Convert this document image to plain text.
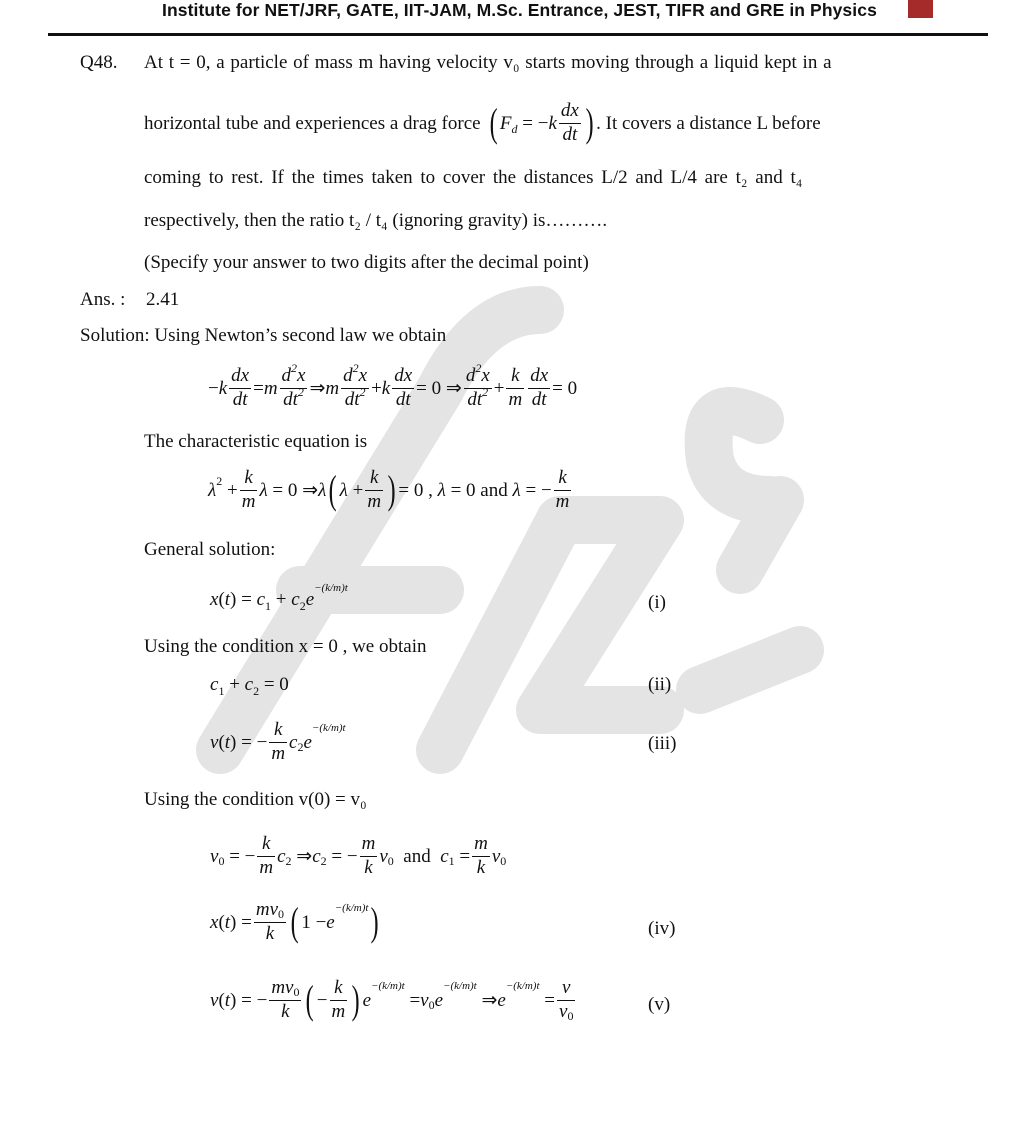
Institute for NET/JRF, GATE, IIT-JAM, M.Sc. Entrance, JEST, TIFR and GRE in Physics
Q48. At t = 0, a particle of mass m having velocity v₀ starts moving through a liquid kept in a
horizontal tube and experiences a drag force ( F d = − k $\frac{dx}{dt}$ ) . It covers a distance L before
coming to rest. If the times taken to cover the distances L/2 and L/4 are t₂ and t₄
respectively, then the ratio t₂ / t₄ (ignoring gravity) is……….
(Specify your answer to two digits after the decimal point)
Ans. : 2.41
Solution: Using Newton’s second law we obtain
− k $\frac{dx}{dt} = m \frac{d^2x}{dt^2}$ ⇒ m $\frac{d^2x}{dt^2} + k \frac{dx}{dt} = 0$ ⇒ $\frac{d^2x}{dt^2} + \frac{k}{m} \frac{dx}{dt} = 0$
The characteristic equation is
λ $2 + \frac{k}{m}$ λ = 0 ⇒ λ ( $\lambda + \frac{k}{m}$ ) = 0 , λ = 0 and λ = − $\frac{k}{m}$
General solution:
$x(t) = c_1 + c_2e^{-(k/m)t}$
(i)
Using the condition x = 0 , we obtain
$c_1 + c_2 = 0$	(ii)
v ( t ) = − $\frac{k}{m}$ c 2 e
−(k/m)t
(iii)
Using the condition v(0) = v₀
v 0 = − $\frac{k}{m}$ c 2 ⇒ c 2 = − $\frac{m}{k}$ v 0 and c $1 = \frac{m}{k}$ v 0
x ( t ) = $\frac{mv0}{k}$ ( 1 − e
−(k/m)t )	(iv)
v ( t ) = − $\frac{mv0}{k}$ ( − $\frac{k}{m}$ ) e
−(k/m)t
= v 0 e
−(k/m)t
⇒ e
−(k/m)t
= $\frac{v}{v0}$	(v)
